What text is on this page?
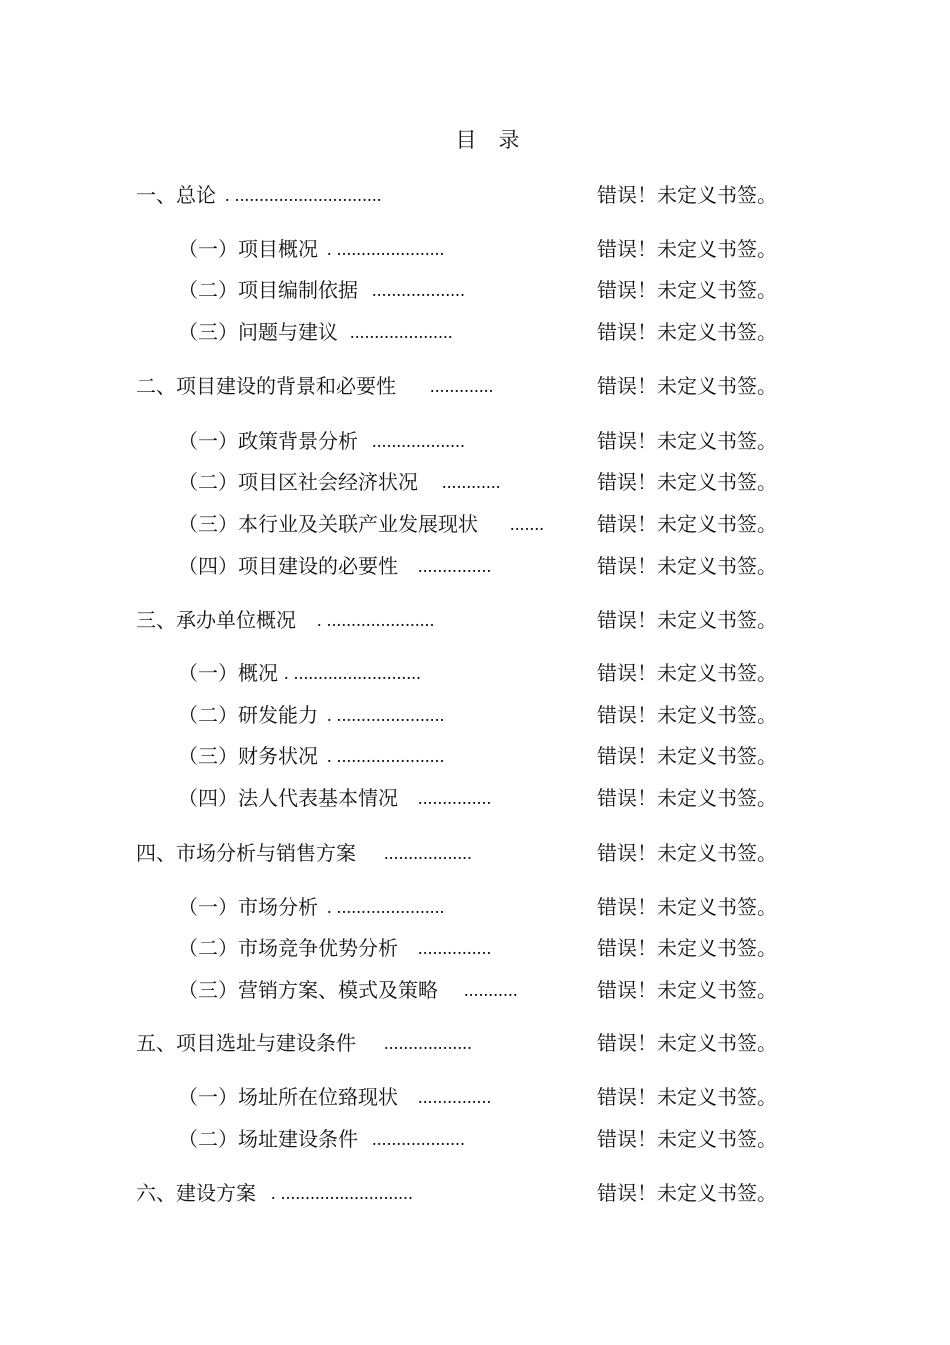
目 录
一、总论 . ..............................	错误！未定义书签。
（一）项目概况 . ......................	错误！未定义书签。
（二）项目编制依据 ...................	错误！未定义书签。
（三）问题与建议 .....................	错误！未定义书签。
二、项目建设的背景和必要性 .............	错误！未定义书签。
（一）政策背景分析 ...................	错误！未定义书签。
（二）项目区社会经济状况 ............	错误！未定义书签。
（三）本行业及关联产业发展现状 .......	错误！未定义书签。
（四）项目建设的必要性 ...............	错误！未定义书签。
三、承办单位概况 . ......................	错误！未定义书签。
（一）概况 . ..........................	错误！未定义书签。
（二）研发能力 . ......................	错误！未定义书签。
（三）财务状况 . ......................	错误！未定义书签。
（四）法人代表基本情况 ...............	错误！未定义书签。
四、市场分析与销售方案 ..................	错误！未定义书签。
（一）市场分析 . ......................	错误！未定义书签。
（二）市场竞争优势分析 ...............	错误！未定义书签。
（三）营销方案、模式及策略 ...........	错误！未定义书签。
五、项目选址与建设条件 ..................	错误！未定义书签。
（一）场址所在位臵现状 ...............	错误！未定义书签。
（二）场址建设条件 ...................	错误！未定义书签。
六、建设方案 . ...........................	错误！未定义书签。
